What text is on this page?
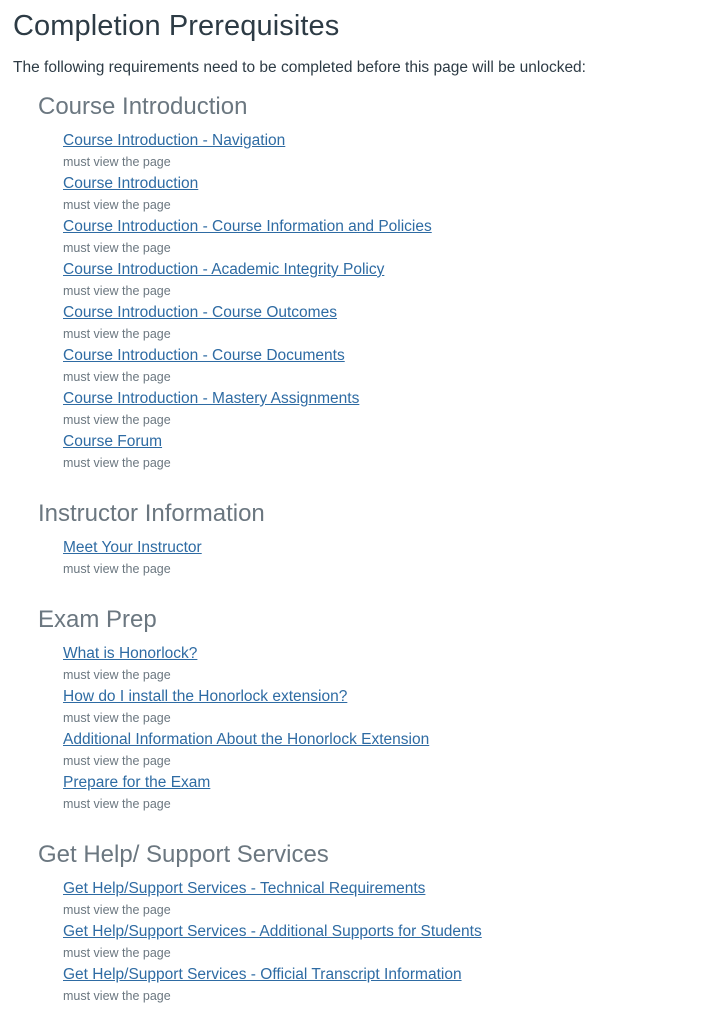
Completion Prerequisites

The following requirements need to be completed before this page will be unlocked:

Course Introduction
Course Introduction - Navigation
must view the page
Course Introduction
must view the page
Course Introduction - Course Information and Policies
must view the page
Course Introduction - Academic Integrity Policy
must view the page
Course Introduction - Course Outcomes
must view the page
Course Introduction - Course Documents
must view the page
Course Introduction - Mastery Assignments
must view the page
Course Forum
must view the page
Instructor Information
Meet Your Instructor
must view the page
Exam Prep
What is Honorlock?
must view the page
How do I install the Honorlock extension?
must view the page
Additional Information About the Honorlock Extension
must view the page
Prepare for the Exam
must view the page
Get Help/ Support Services
Get Help/Support Services - Technical Requirements
must view the page
Get Help/Support Services - Additional Supports for Students
must view the page
Get Help/Support Services - Official Transcript Information
must view the page
